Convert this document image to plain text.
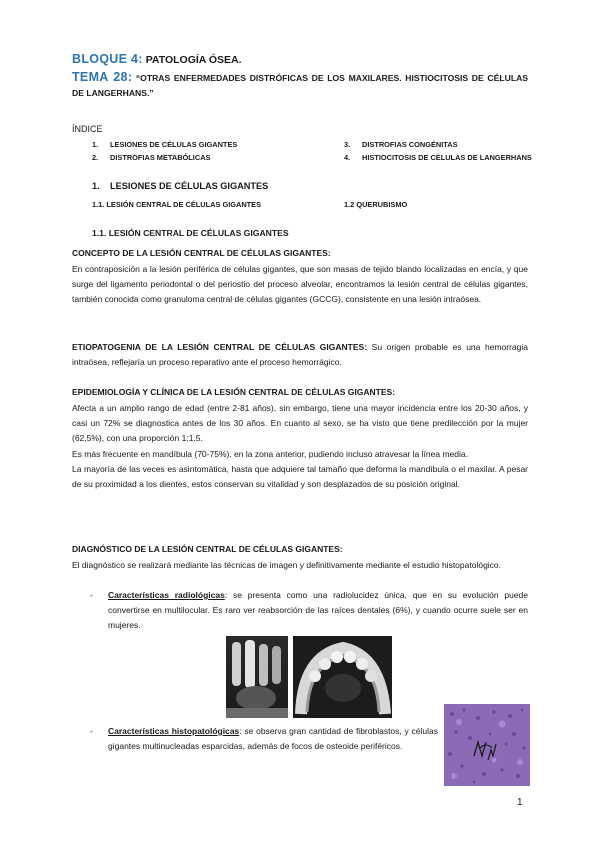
BLOQUE 4: PATOLOGÍA ÓSEA.
TEMA 28: “OTRAS ENFERMEDADES DISTRÓFICAS DE LOS MAXILARES. HISTIOCITOSIS DE CÉLULAS DE LANGERHANS.”
ÍNDICE
1. LESIONES DE CÉLULAS GIGANTES
2. DISTROFIAS METABÓLICAS
3. DISTROFIAS CONGÉNITAS
4. HISTIOCITOSIS DE CÉLULAS DE LANGERHANS
1. LESIONES DE CÉLULAS GIGANTES
1.1. LESIÓN CENTRAL DE CÉLULAS GIGANTES	1.2 QUERUBISMO
1.1. LESIÓN CENTRAL DE CÉLULAS GIGANTES
CONCEPTO DE LA LESIÓN CENTRAL DE CÉLULAS GIGANTES:

En contraposición a la lesión periférica de células gigantes, que son masas de tejido blando localizadas en encía, y que surge del ligamento periodontal o del periostio del proceso alveolar, encontramos la lesión central de células gigantes, también conocida como granuloma central de células gigantes (GCCG), consistente en una lesión intraósea.

ETIOPATOGENIA DE LA LESIÓN CENTRAL DE CÉLULAS GIGANTES: Su origen probable es una hemorragia intraósea, reflejaría un proceso reparativo ante el proceso hemorrágico.

EPIDEMIOLOGÍA Y CLÍNICA DE LA LESIÓN CENTRAL DE CÉLULAS GIGANTES:

Afecta a un amplio rango de edad (entre 2-81 años), sin embargo, tiene una mayor incidencia entre los 20-30 años, y casi un 72% se diagnostica antes de los 30 años. En cuanto al sexo, se ha visto que tiene predilección por la mujer (62,5%), con una proporción 1:1.5.

Es más frecuente en mandíbula (70-75%), en la zona anterior, pudiendo incluso atravesar la línea media.

La mayoría de las veces es asintomática, hasta que adquiere tal tamaño que deforma la mandíbula o el maxilar. A pesar de su proximidad a los dientes, estos conservan su vitalidad y son desplazados de su posición original.

DIAGNÓSTICO DE LA LESIÓN CENTRAL DE CÉLULAS GIGANTES:

El diagnóstico se realizará mediante las técnicas de imagen y definitivamente mediante el estudio histopatológico.

- Características radiológicas: se presenta como una radiolucidez única, que en su evolución puede convertirse en multilocular. Es raro ver reabsorción de las raíces dentales (6%), y cuando ocurre suele ser en mujeres.
- Características histopatológicas: se observa gran cantidad de fibroblastos, y células gigantes multinucleadas esparcidas, además de focos de osteoide periféricos.
1
